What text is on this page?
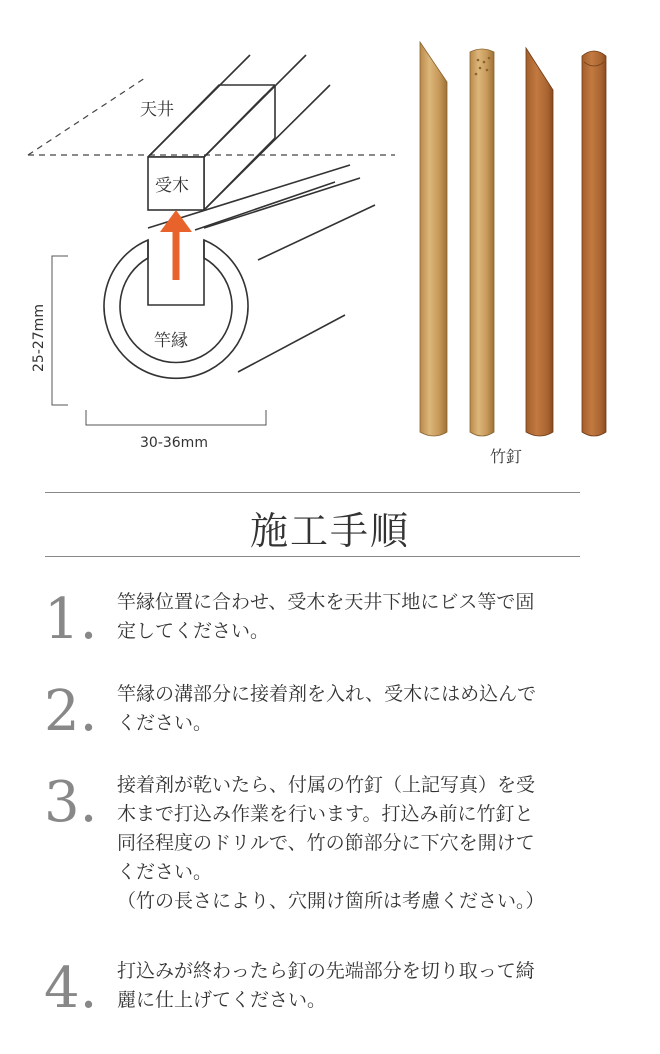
天井
受木
竿縁
25-27mm
30-36mm
竹釘
施工手順
1.	竿縁位置に合わせ、受木を天井下地にビス等で固

定してください。

2.	竿縁の溝部分に接着剤を入れ、受木にはめ込んで

ください。

3.	接着剤が乾いたら、付属の竹釘（上記写真）を受

木まで打込み作業を行います。打込み前に竹釘と

同径程度のドリルで、竹の節部分に下穴を開けて

ください。

（竹の長さにより、穴開け箇所は考慮ください。）

4.	打込みが終わったら釘の先端部分を切り取って綺

麗に仕上げてください。
